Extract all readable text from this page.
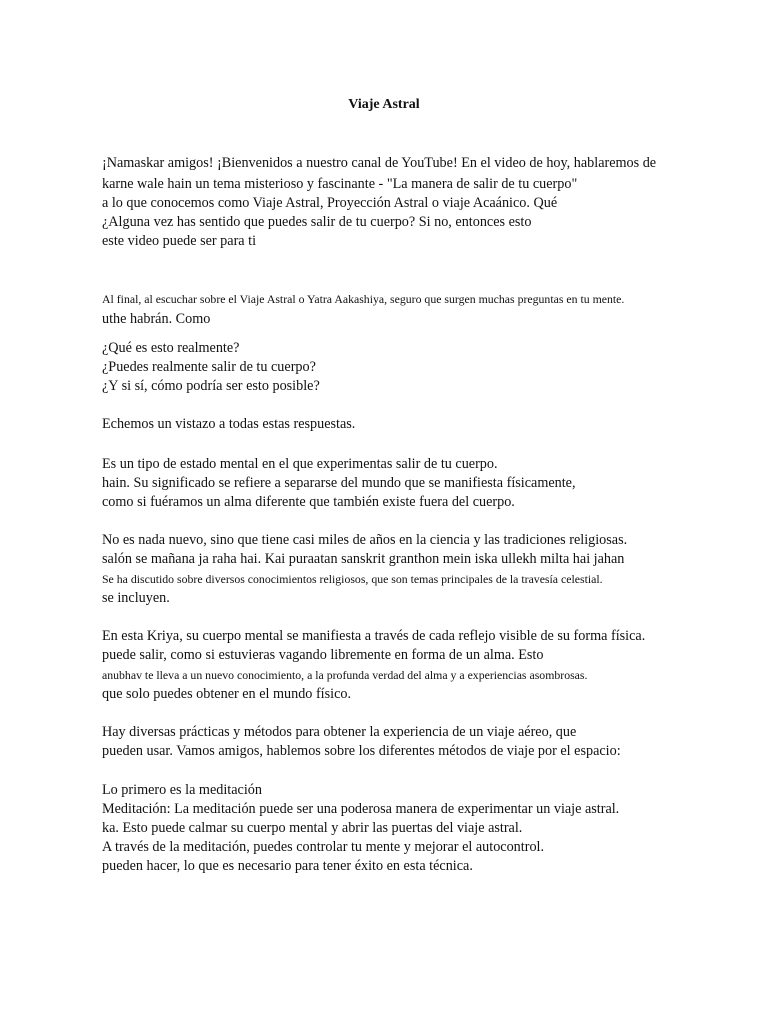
Viaje Astral
¡Namaskar amigos! ¡Bienvenidos a nuestro canal de YouTube! En el video de hoy, hablaremos de
karne wale hain un tema misterioso y fascinante - "La manera de salir de tu cuerpo"
a lo que conocemos como Viaje Astral, Proyección Astral o viaje Acaánico. Qué
¿Alguna vez has sentido que puedes salir de tu cuerpo? Si no, entonces esto
este video puede ser para ti
Al final, al escuchar sobre el Viaje Astral o Yatra Aakashiya, seguro que surgen muchas preguntas en tu mente.
uthe habrán. Como
¿Qué es esto realmente?
¿Puedes realmente salir de tu cuerpo?
¿Y si sí, cómo podría ser esto posible?
Echemos un vistazo a todas estas respuestas.
Es un tipo de estado mental en el que experimentas salir de tu cuerpo.
hain. Su significado se refiere a separarse del mundo que se manifiesta físicamente,
como si fuéramos un alma diferente que también existe fuera del cuerpo.
No es nada nuevo, sino que tiene casi miles de años en la ciencia y las tradiciones religiosas.
salón se mañana ja raha hai. Kai puraatan sanskrit granthon mein iska ullekh milta hai jahan
Se ha discutido sobre diversos conocimientos religiosos, que son temas principales de la travesía celestial.
se incluyen.
En esta Kriya, su cuerpo mental se manifiesta a través de cada reflejo visible de su forma física.
puede salir, como si estuvieras vagando libremente en forma de un alma. Esto
anubhav te lleva a un nuevo conocimiento, a la profunda verdad del alma y a experiencias asombrosas.
que solo puedes obtener en el mundo físico.
Hay diversas prácticas y métodos para obtener la experiencia de un viaje aéreo, que
pueden usar. Vamos amigos, hablemos sobre los diferentes métodos de viaje por el espacio:
Lo primero es la meditación
Meditación: La meditación puede ser una poderosa manera de experimentar un viaje astral.
ka. Esto puede calmar su cuerpo mental y abrir las puertas del viaje astral.
A través de la meditación, puedes controlar tu mente y mejorar el autocontrol.
pueden hacer, lo que es necesario para tener éxito en esta técnica.
